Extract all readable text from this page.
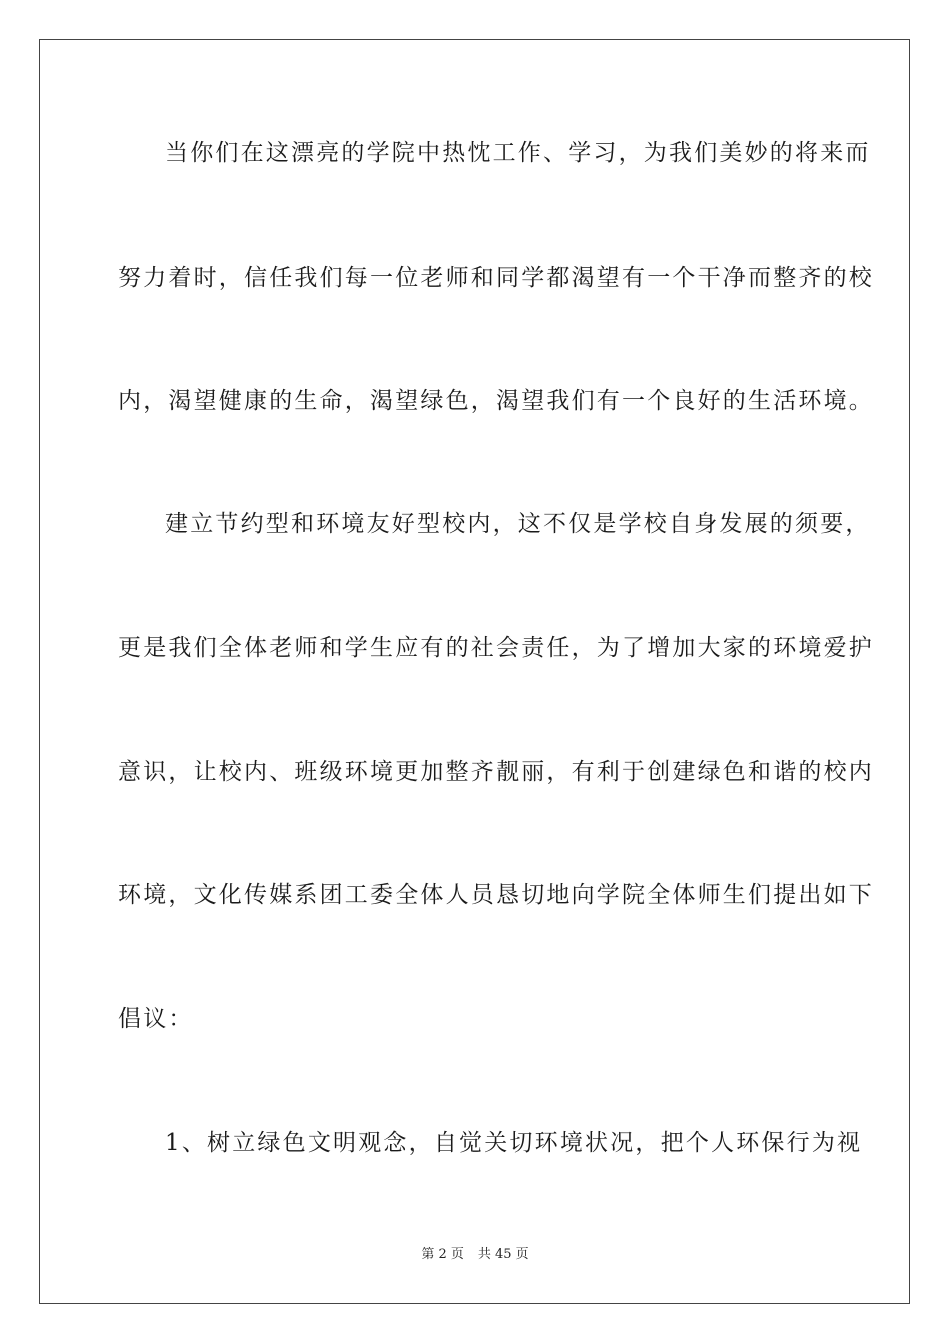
当你们在这漂亮的学院中热忱工作、学习，为我们美妙的将来而
努力着时，信任我们每一位老师和同学都渴望有一个干净而整齐的校
内，渴望健康的生命，渴望绿色，渴望我们有一个良好的生活环境。
建立节约型和环境友好型校内，这不仅是学校自身发展的须要，
更是我们全体老师和学生应有的社会责任，为了增加大家的环境爱护
意识，让校内、班级环境更加整齐靓丽，有利于创建绿色和谐的校内
环境，文化传媒系团工委全体人员恳切地向学院全体师生们提出如下
倡议：
1、树立绿色文明观念，自觉关切环境状况，把个人环保行为视
第 2 页 共 45 页
